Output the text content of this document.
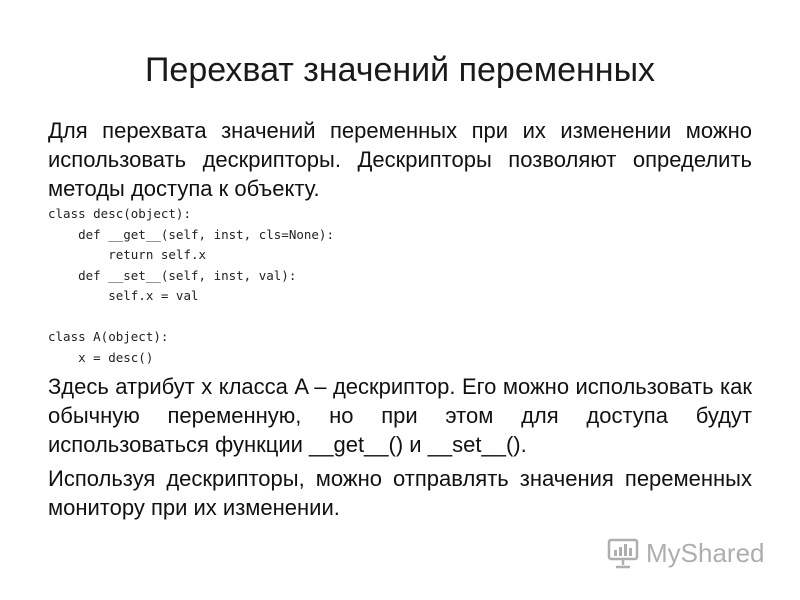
Перехват значений переменных
Для перехвата значений переменных при их изменении можно использовать дескрипторы. Дескрипторы позволяют определить методы доступа к объекту.
class desc(object):
def __get__(self, inst, cls=None):
return self.x
def __set__(self, inst, val):
self.x = val
class A(object):
x = desc()
Здесь атрибут x класса A – дескриптор. Его можно использовать как обычную переменную, но при этом для доступа будут использоваться функции __get__() и __set__().
Используя дескрипторы, можно отправлять значения переменных монитору при их изменении.
MyShared
